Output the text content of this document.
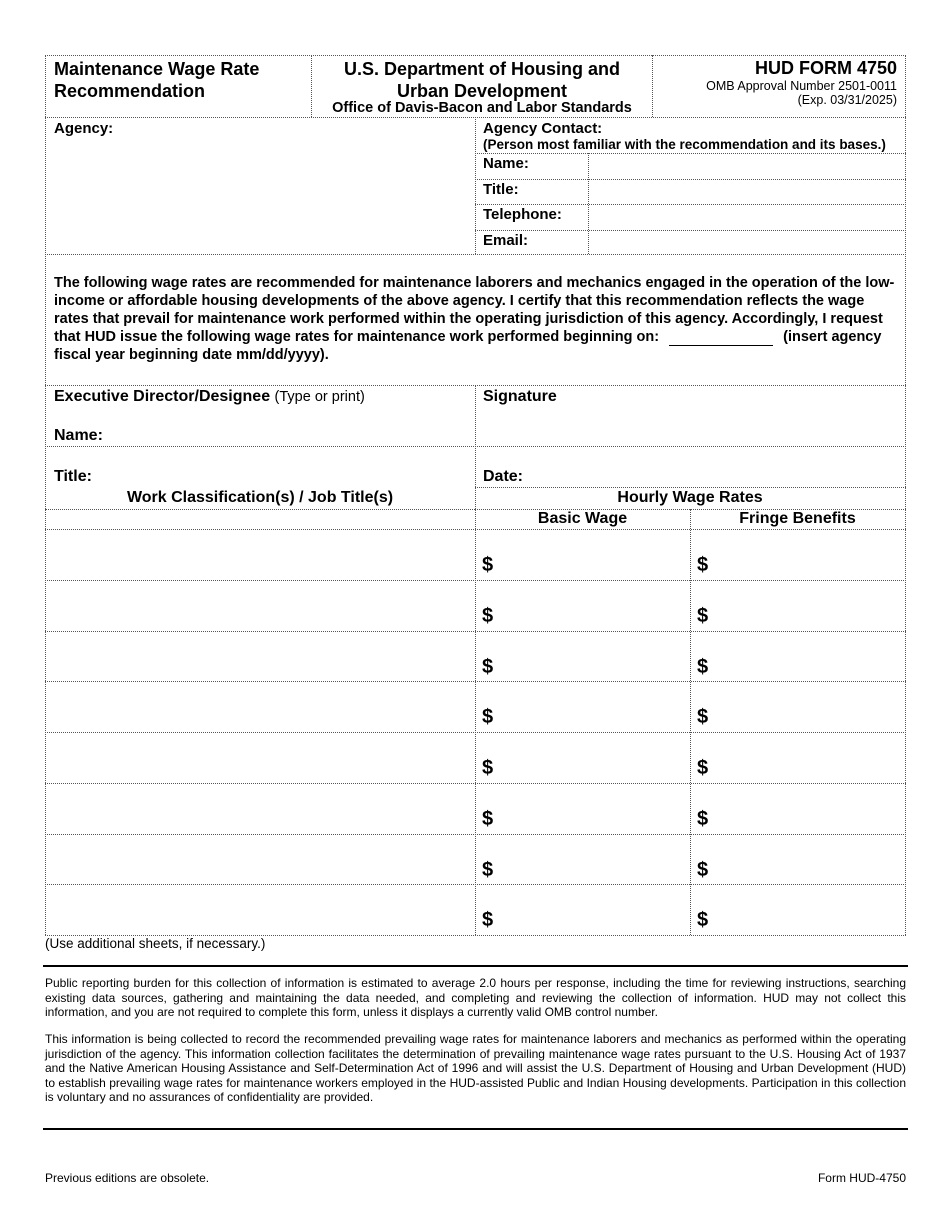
Maintenance Wage Rate Recommendation
U.S. Department of Housing and Urban Development
Office of Davis-Bacon and Labor Standards
HUD FORM 4750
OMB Approval Number 2501-0011
(Exp. 03/31/2025)
Agency:	Agency Contact:
(Person most familiar with the recommendation and its bases.)
Name:
Title:
Telephone:
Email:
The following wage rates are recommended for maintenance laborers and mechanics engaged in the operation of the low-income or affordable housing developments of the above agency. I certify that this recommendation reflects the wage rates that prevail for maintenance work performed within the operating jurisdiction of this agency. Accordingly, I request that HUD issue the following wage rates for maintenance work performed beginning on:	(insert agency fiscal year beginning date mm/dd/yyyy).
Executive Director/Designee (Type or print)
Name:
Signature
Title:	Date:
Work Classification(s) / Job Title(s)	Hourly Wage Rates
Basic Wage	Fringe Benefits
$	$
$	$
$	$
$	$
$	$
$	$
$	$
$	$
(Use additional sheets, if necessary.)
Public reporting burden for this collection of information is estimated to average 2.0 hours per response, including the time for reviewing instructions, searching existing data sources, gathering and maintaining the data needed, and completing and reviewing the collection of information. HUD may not collect this information, and you are not required to complete this form, unless it displays a currently valid OMB control number.
This information is being collected to record the recommended prevailing wage rates for maintenance laborers and mechanics as performed within the operating jurisdiction of the agency. This information collection facilitates the determination of prevailing maintenance wage rates pursuant to the U.S. Housing Act of 1937 and the Native American Housing Assistance and Self-Determination Act of 1996 and will assist the U.S. Department of Housing and Urban Development (HUD) to establish prevailing wage rates for maintenance workers employed in the HUD-assisted Public and Indian Housing developments. Participation in this collection is voluntary and no assurances of confidentiality are provided.
Previous editions are obsolete.	Form HUD-4750
